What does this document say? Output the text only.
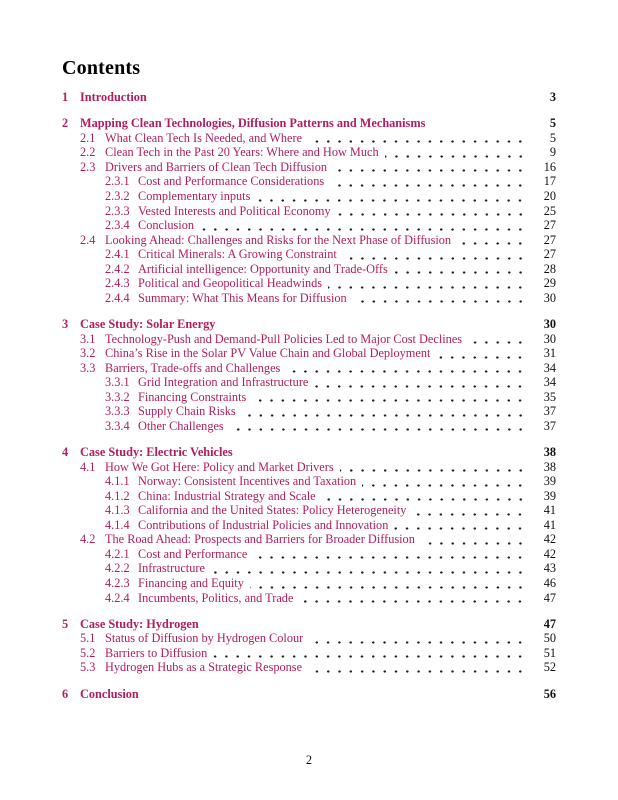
Contents
1 Introduction	3
2 Mapping Clean Technologies, Diffusion Patterns and Mechanisms	5
2.1 What Clean Tech Is Needed, and Where	5
2.2 Clean Tech in the Past 20 Years: Where and How Much	9
2.3 Drivers and Barriers of Clean Tech Diffusion	16
2.3.1 Cost and Performance Considerations	17
2.3.2 Complementary inputs	20
2.3.3 Vested Interests and Political Economy	25
2.3.4 Conclusion	27
2.4 Looking Ahead: Challenges and Risks for the Next Phase of Diffusion	27
2.4.1 Critical Minerals: A Growing Constraint	27
2.4.2 Artificial intelligence: Opportunity and Trade-Offs	28
2.4.3 Political and Geopolitical Headwinds	29
2.4.4 Summary: What This Means for Diffusion	30
3 Case Study: Solar Energy	30
3.1 Technology-Push and Demand-Pull Policies Led to Major Cost Declines	30
3.2 China’s Rise in the Solar PV Value Chain and Global Deployment	31
3.3 Barriers, Trade-offs and Challenges	34
3.3.1 Grid Integration and Infrastructure	34
3.3.2 Financing Constraints	35
3.3.3 Supply Chain Risks	37
3.3.4 Other Challenges	37
4 Case Study: Electric Vehicles	38
4.1 How We Got Here: Policy and Market Drivers	38
4.1.1 Norway: Consistent Incentives and Taxation	39
4.1.2 China: Industrial Strategy and Scale	39
4.1.3 California and the United States: Policy Heterogeneity	41
4.1.4 Contributions of Industrial Policies and Innovation	41
4.2 The Road Ahead: Prospects and Barriers for Broader Diffusion	42
4.2.1 Cost and Performance	42
4.2.2 Infrastructure	43
4.2.3 Financing and Equity	46
4.2.4 Incumbents, Politics, and Trade	47
5 Case Study: Hydrogen	47
5.1 Status of Diffusion by Hydrogen Colour	50
5.2 Barriers to Diffusion	51
5.3 Hydrogen Hubs as a Strategic Response	52
6 Conclusion	56
2
